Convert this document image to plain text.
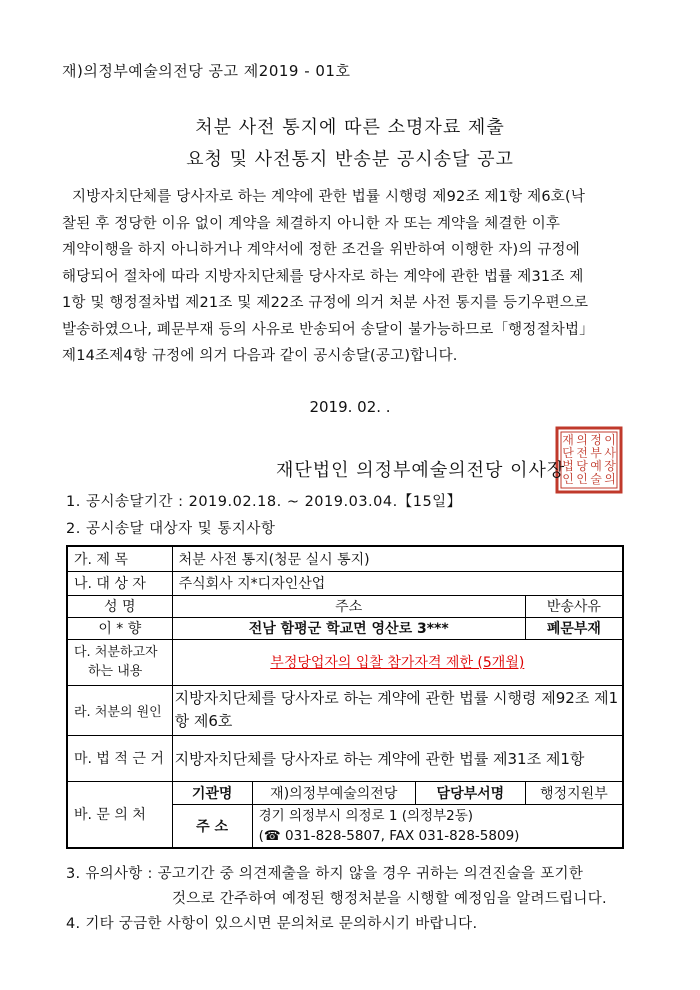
재)의정부예술의전당 공고 제2019 - 01호
처분 사전 통지에 따른 소명자료 제출
요청 및 사전통지 반송분 공시송달 공고
지방자치단체를 당사자로 하는 계약에 관한 법률 시행령 제92조 제1항 제6호(낙
찰된 후 정당한 이유 없이 계약을 체결하지 아니한 자 또는 계약을 체결한 이후
계약이행을 하지 아니하거나 계약서에 정한 조건을 위반하여 이행한 자)의 규정에
해당되어 절차에 따라 지방자치단체를 당사자로 하는 계약에 관한 법률 제31조 제
1항 및 행정절차법 제21조 및 제22조 규정에 의거 처분 사전 통지를 등기우편으로
발송하였으나, 폐문부재 등의 사유로 반송되어 송달이 불가능하므로「행정절차법」
제14조제4항 규정에 의거 다음과 같이 공시송달(공고)합니다.
2019. 02. .
이
사
장
의
정
부
예
술
의
전
당
인
재
단
법
인
재단법인 의정부예술의전당 이사장
1. 공시송달기간 : 2019.02.18. ~ 2019.03.04.【15일】
2. 공시송달 대상자 및 통지사항
가. 제 목	처분 사전 통지(청문 실시 통지)			
나. 대 상 자	주식회사 지*디자인산업			
성 명	주소			반송사유
이 * 향	전남 함평군 학교면 영산로 3***			폐문부재

다. 처분하고자
하는 내용	부정당업자의 입찰 참가자격 제한 (5개월)			
라. 처분의 원인	지방자치단체를 당사자로 하는 계약에 관한 법률 시행령 제92조 제1항 제6호			
마. 법 적 근 거	지방자치단체를 당사자로 하는 계약에 관한 법률 제31조 제1항			
바. 문 의 처	기관명	재)의정부예술의전당	담당부서명	행정지원부
	주 소	경기 의정부시 의정로 1 (의정부2동)
(☎ 031-828-5807, FAX 031-828-5809)		
3. 유의사항 : 공고기간 중 의견제출을 하지 않을 경우 귀하는 의견진술을 포기한
것으로 간주하여 예정된 행정처분을 시행할 예정임을 알려드립니다.
4. 기타 궁금한 사항이 있으시면 문의처로 문의하시기 바랍니다.
